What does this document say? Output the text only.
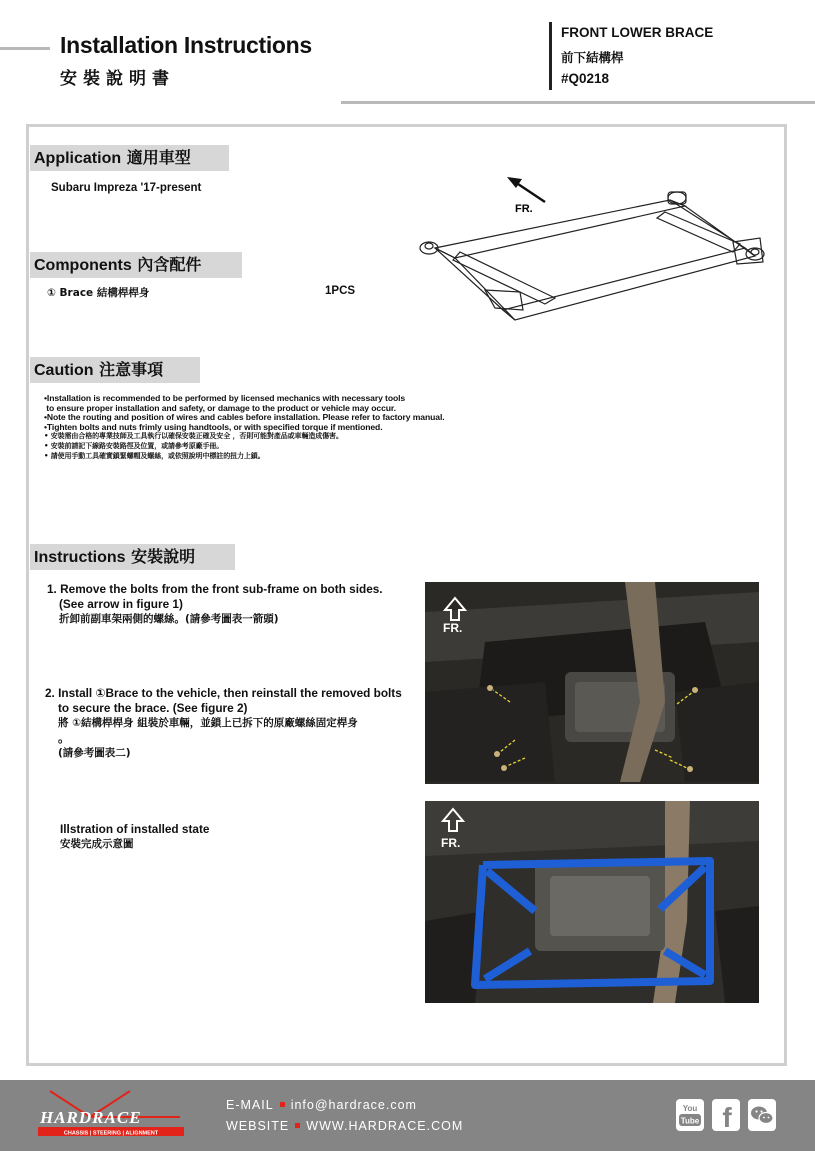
Installation Instructions
安裝說明書
FRONT LOWER BRACE
前下結構桿
#Q0218
Application 適用車型
Subaru Impreza '17-present
FR.
Components 內含配件
① Brace 結構桿桿身	1PCS
Caution 注意事項
•Installation is recommended to be performed by licensed mechanics with necessary tools
to ensure proper installation and safety, or damage to the product or vehicle may occur.
•Note the routing and position of wires and cables before installation. Please refer to factory manual.
•Tighten bolts and nuts frimly using handtools, or with specified torque if mentioned.
• 安裝需由合格的專業技師及工具執行以確保安裝正確及安全 ，否則可能對產品或車輛造成傷害。
• 安裝前請記下線路安裝路徑及位置，或請參考原廠手冊。
• 請使用手動工具確實鎖緊螺帽及螺絲，或依照說明中標註的扭力上鎖。
Instructions 安裝說明
1. Remove the bolts from the front sub-frame on both sides.
(See arrow in figure 1)
折卸前副車架兩側的螺絲。(請參考圖表一箭頭)
2. Install ①Brace to the vehicle, then reinstall the removed bolts
to secure the brace. (See figure 2)
將 ①結構桿桿身 組裝於車輛，並鎖上已拆下的原廠螺絲固定桿身
。
(請參考圖表二)
Illstration of installed state
安裝完成示意圖
FR.
FR.
HARDRACE
CHASSIS | STEERING | ALIGNMENT
E-MAIL info@hardrace.com
WEBSITE WWW.HARDRACE.COM
You
Tube f
